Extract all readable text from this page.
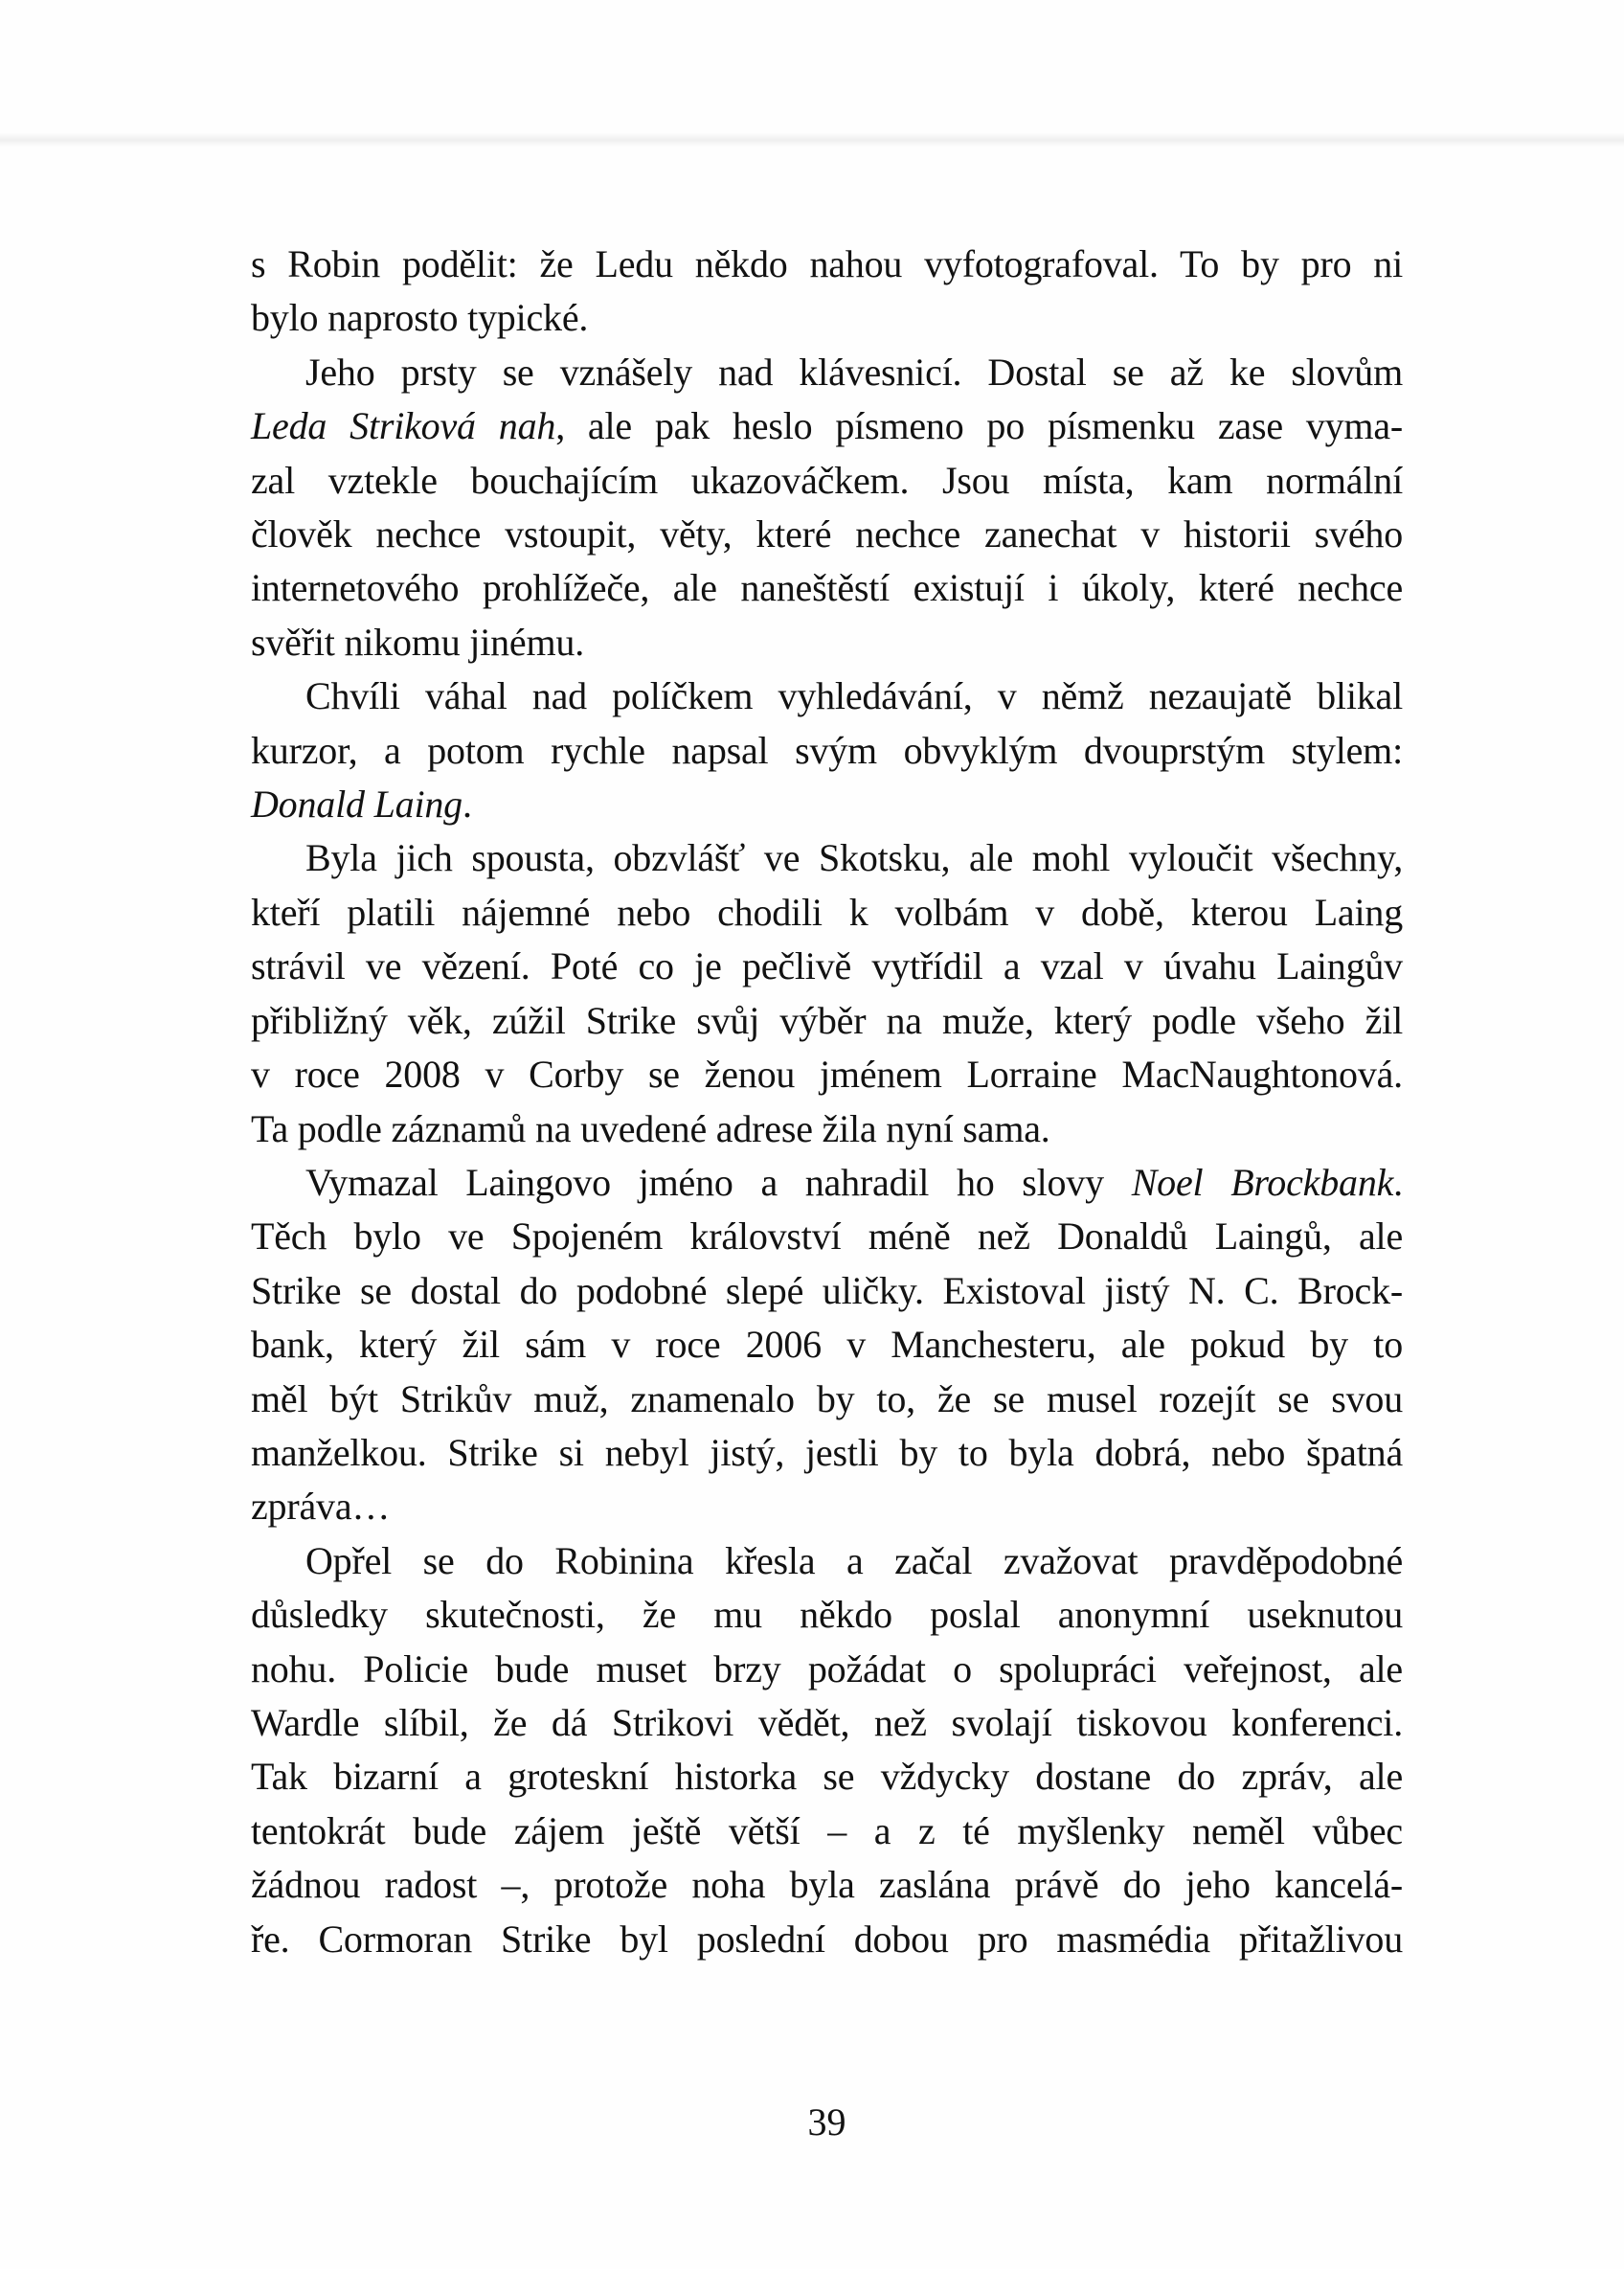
s Robin podělit: že Ledu někdo nahou vyfotografoval. To by pro ni
bylo naprosto typické.
Jeho prsty se vznášely nad klávesnicí. Dostal se až ke slovům
Leda Striková nah, ale pak heslo písmeno po písmenku zase vyma-
zal vztekle bouchajícím ukazováčkem. Jsou místa, kam normální
člověk nechce vstoupit, věty, které nechce zanechat v historii svého
internetového prohlížeče, ale naneštěstí existují i úkoly, které nechce
svěřit nikomu jinému.
Chvíli váhal nad políčkem vyhledávání, v němž nezaujatě blikal
kurzor, a potom rychle napsal svým obvyklým dvouprstým stylem:
Donald Laing.
Byla jich spousta, obzvlášť ve Skotsku, ale mohl vyloučit všechny,
kteří platili nájemné nebo chodili k volbám v době, kterou Laing
strávil ve vězení. Poté co je pečlivě vytřídil a vzal v úvahu Laingův
přibližný věk, zúžil Strike svůj výběr na muže, který podle všeho žil
v roce 2008 v Corby se ženou jménem Lorraine MacNaughtonová.
Ta podle záznamů na uvedené adrese žila nyní sama.
Vymazal Laingovo jméno a nahradil ho slovy Noel Brockbank.
Těch bylo ve Spojeném království méně než Donaldů Laingů, ale
Strike se dostal do podobné slepé uličky. Existoval jistý N. C. Brock-
bank, který žil sám v roce 2006 v Manchesteru, ale pokud by to
měl být Strikův muž, znamenalo by to, že se musel rozejít se svou
manželkou. Strike si nebyl jistý, jestli by to byla dobrá, nebo špatná
zpráva…
Opřel se do Robinina křesla a začal zvažovat pravděpodobné
důsledky skutečnosti, že mu někdo poslal anonymní useknutou
nohu. Policie bude muset brzy požádat o spolupráci veřejnost, ale
Wardle slíbil, že dá Strikovi vědět, než svolají tiskovou konferenci.
Tak bizarní a groteskní historka se vždycky dostane do zpráv, ale
tentokrát bude zájem ještě větší – a z té myšlenky neměl vůbec
žádnou radost –, protože noha byla zaslána právě do jeho kancelá-
ře. Cormoran Strike byl poslední dobou pro masmédia přitažlivou
39
